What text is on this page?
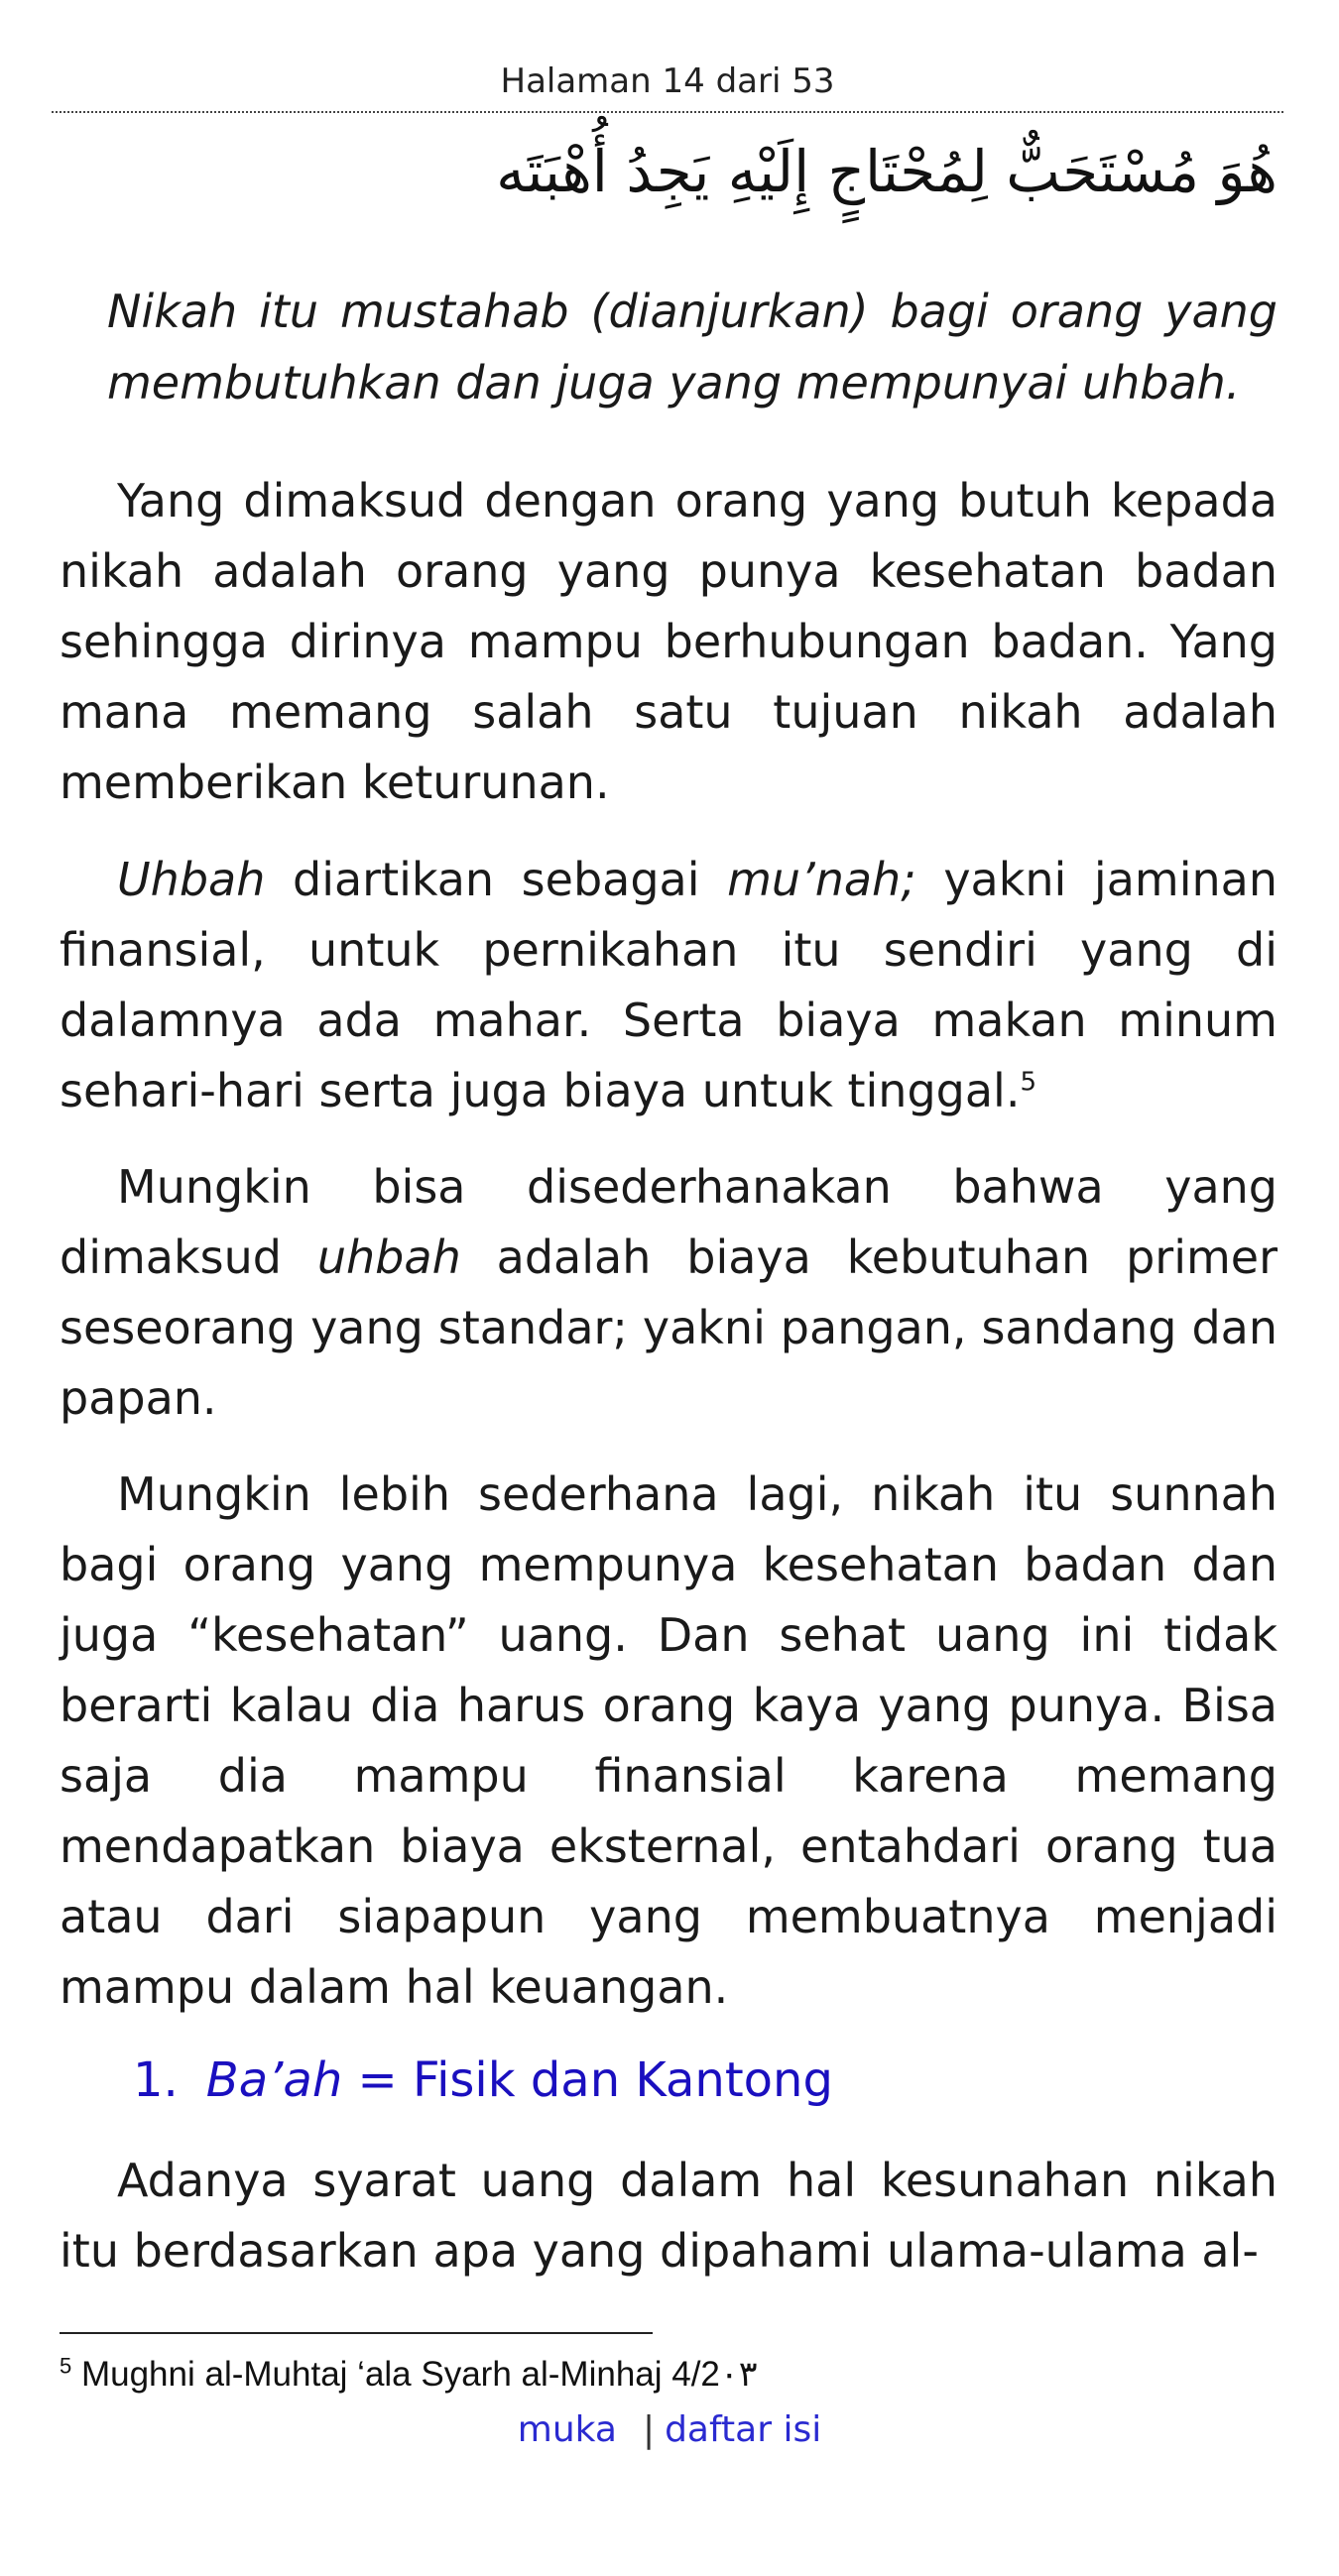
Halaman 14 dari 53
هُوَ مُسْتَحَبٌّ لِمُحْتَاجٍ إِلَيْهِ يَجِدُ أُهْبَتَه
Nikah itu mustahab (dianjurkan) bagi orang yang membutuhkan dan juga yang mempunyai uhbah.
Yang dimaksud dengan orang yang butuh kepada nikah adalah orang yang punya kesehatan badan sehingga dirinya mampu berhubungan badan. Yang mana memang salah satu tujuan nikah adalah memberikan keturunan.
Uhbah diartikan sebagai mu’nah; yakni jaminan finansial, untuk pernikahan itu sendiri yang di dalamnya ada mahar. Serta biaya makan minum sehari-hari serta juga biaya untuk tinggal.$^5$
Mungkin bisa disederhanakan bahwa yang dimaksud uhbah adalah biaya kebutuhan primer seseorang yang standar; yakni pangan, sandang dan papan.
Mungkin lebih sederhana lagi, nikah itu sunnah bagi orang yang mempunya kesehatan badan dan juga “kesehatan” uang. Dan sehat uang ini tidak berarti kalau dia harus orang kaya yang punya. Bisa saja dia mampu finansial karena memang mendapatkan biaya eksternal, entahdari orang tua atau dari siapapun yang membuatnya menjadi mampu dalam hal keuangan.
1. Ba’ah = Fisik dan Kantong
Adanya syarat uang dalam hal kesunahan nikah itu berdasarkan apa yang dipahami ulama-ulama al-
$^5$ Mughni al-Muhtaj ‘ala Syarh al-Minhaj 4/2٠٣
muka | daftar isi
